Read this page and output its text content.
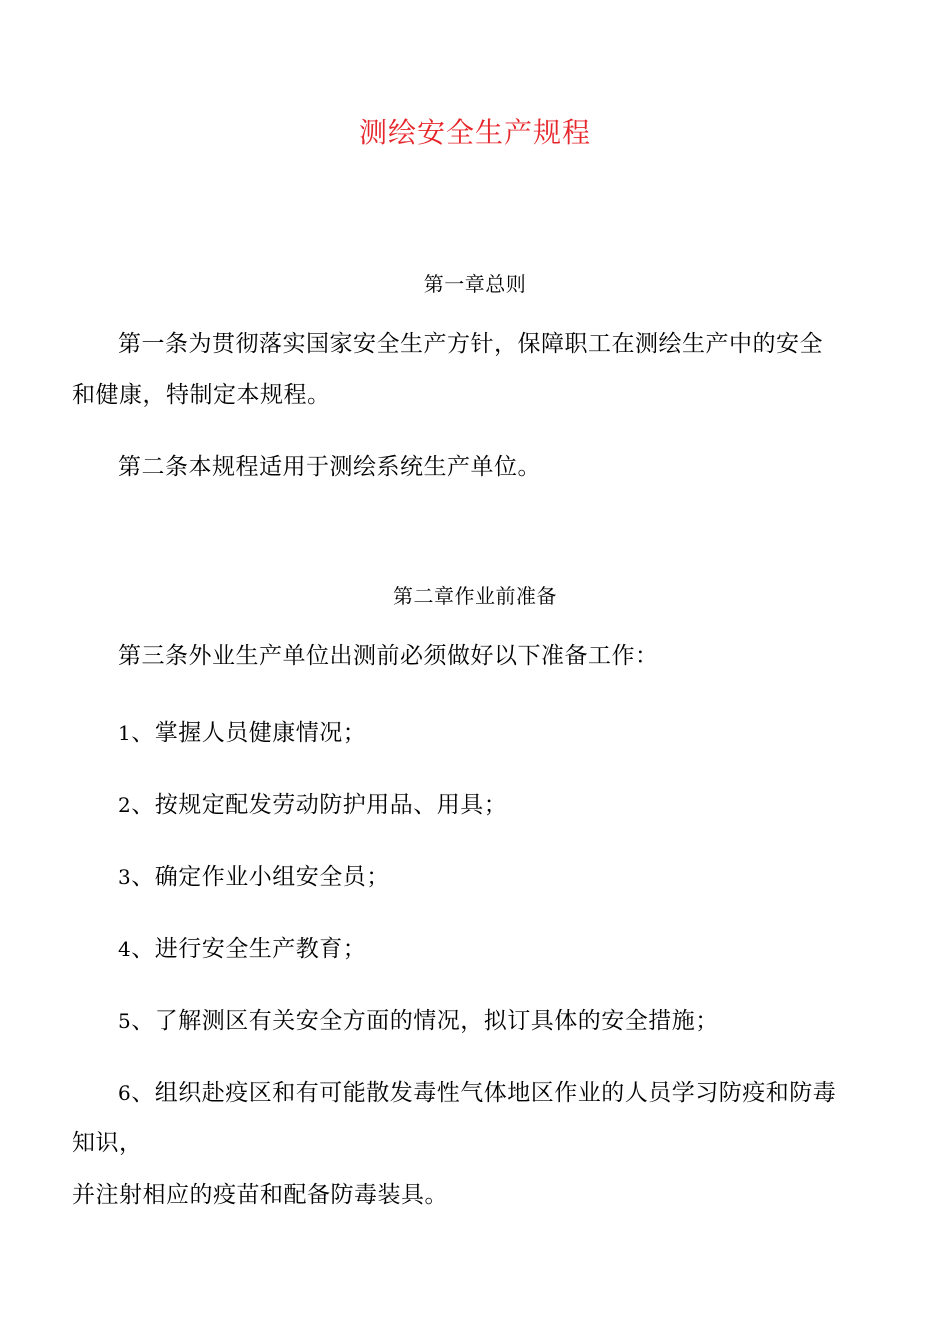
测绘安全生产规程
第一章总则
第一条为贯彻落实国家安全生产方针，保障职工在测绘生产中的安全
和健康，特制定本规程。
第二条本规程适用于测绘系统生产单位。
第二章作业前准备
第三条外业生产单位出测前必须做好以下准备工作：
1、掌握人员健康情况；
2、按规定配发劳动防护用品、用具；
3、确定作业小组安全员；
4、进行安全生产教育；
5、了解测区有关安全方面的情况，拟订具体的安全措施；
6、组织赴疫区和有可能散发毒性气体地区作业的人员学习防疫和防毒
知识，
并注射相应的疫苗和配备防毒装具。
